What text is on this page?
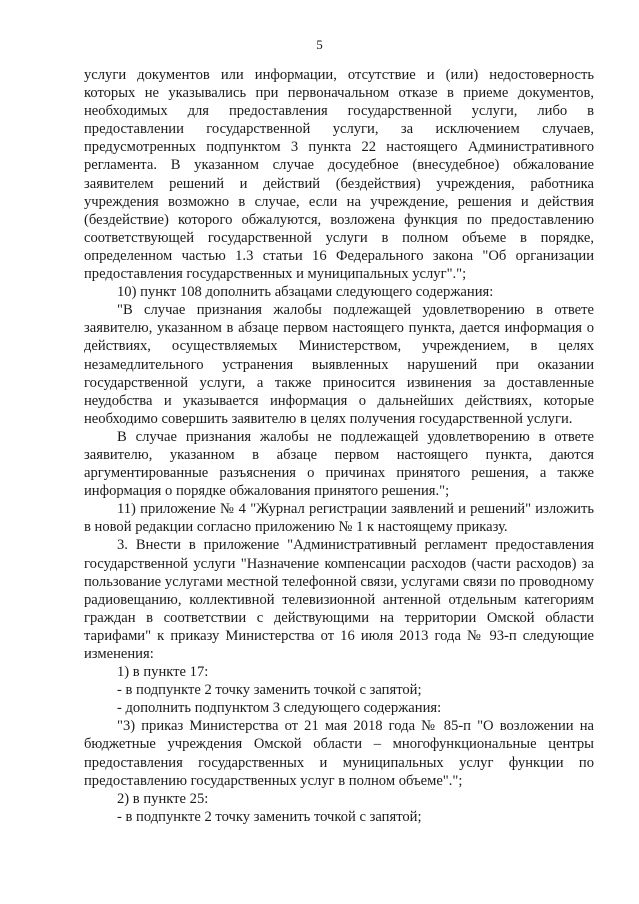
5

услуги документов или информации, отсутствие и (или) недостоверность которых не указывались при первоначальном отказе в приеме документов, необходимых для предоставления государственной услуги, либо в предоставлении государственной услуги, за исключением случаев, предусмотренных подпунктом 3 пункта 22 настоящего Административного регламента. В указанном случае досудебное (внесудебное) обжалование заявителем решений и действий (бездействия) учреждения, работника учреждения возможно в случае, если на учреждение, решения и действия (бездействие) которого обжалуются, возложена функция по предоставлению соответствующей государственной услуги в полном объеме в порядке, определенном частью 1.3 статьи 16 Федерального закона "Об организации предоставления государственных и муниципальных услуг".";

10) пункт 108 дополнить абзацами следующего содержания:

"В случае признания жалобы подлежащей удовлетворению в ответе заявителю, указанном в абзаце первом настоящего пункта, дается информация о действиях, осуществляемых Министерством, учреждением, в целях незамедлительного устранения выявленных нарушений при оказании государственной услуги, а также приносится извинения за доставленные неудобства и указывается информация о дальнейших действиях, которые необходимо совершить заявителю в целях получения государственной услуги.

В случае признания жалобы не подлежащей удовлетворению в ответе заявителю, указанном в абзаце первом настоящего пункта, даются аргументированные разъяснения о причинах принятого решения, а также информация о порядке обжалования принятого решения.";

11) приложение № 4 "Журнал регистрации заявлений и решений" изложить в новой редакции согласно приложению № 1 к настоящему приказу.

3. Внести в приложение "Административный регламент предоставления государственной услуги "Назначение компенсации расходов (части расходов) за пользование услугами местной телефонной связи, услугами связи по проводному радиовещанию, коллективной телевизионной антенной отдельным категориям граждан в соответствии с действующими на территории Омской области тарифами" к приказу Министерства от 16 июля 2013 года № 93-п следующие изменения:

1) в пункте 17:

- в подпункте 2 точку заменить точкой с запятой;

- дополнить подпунктом 3 следующего содержания:

"3) приказ Министерства от 21 мая 2018 года № 85-п "О возложении на бюджетные учреждения Омской области – многофункциональные центры предоставления государственных и муниципальных услуг функции по предоставлению государственных услуг в полном объеме".";

2) в пункте 25:

- в подпункте 2 точку заменить точкой с запятой;
